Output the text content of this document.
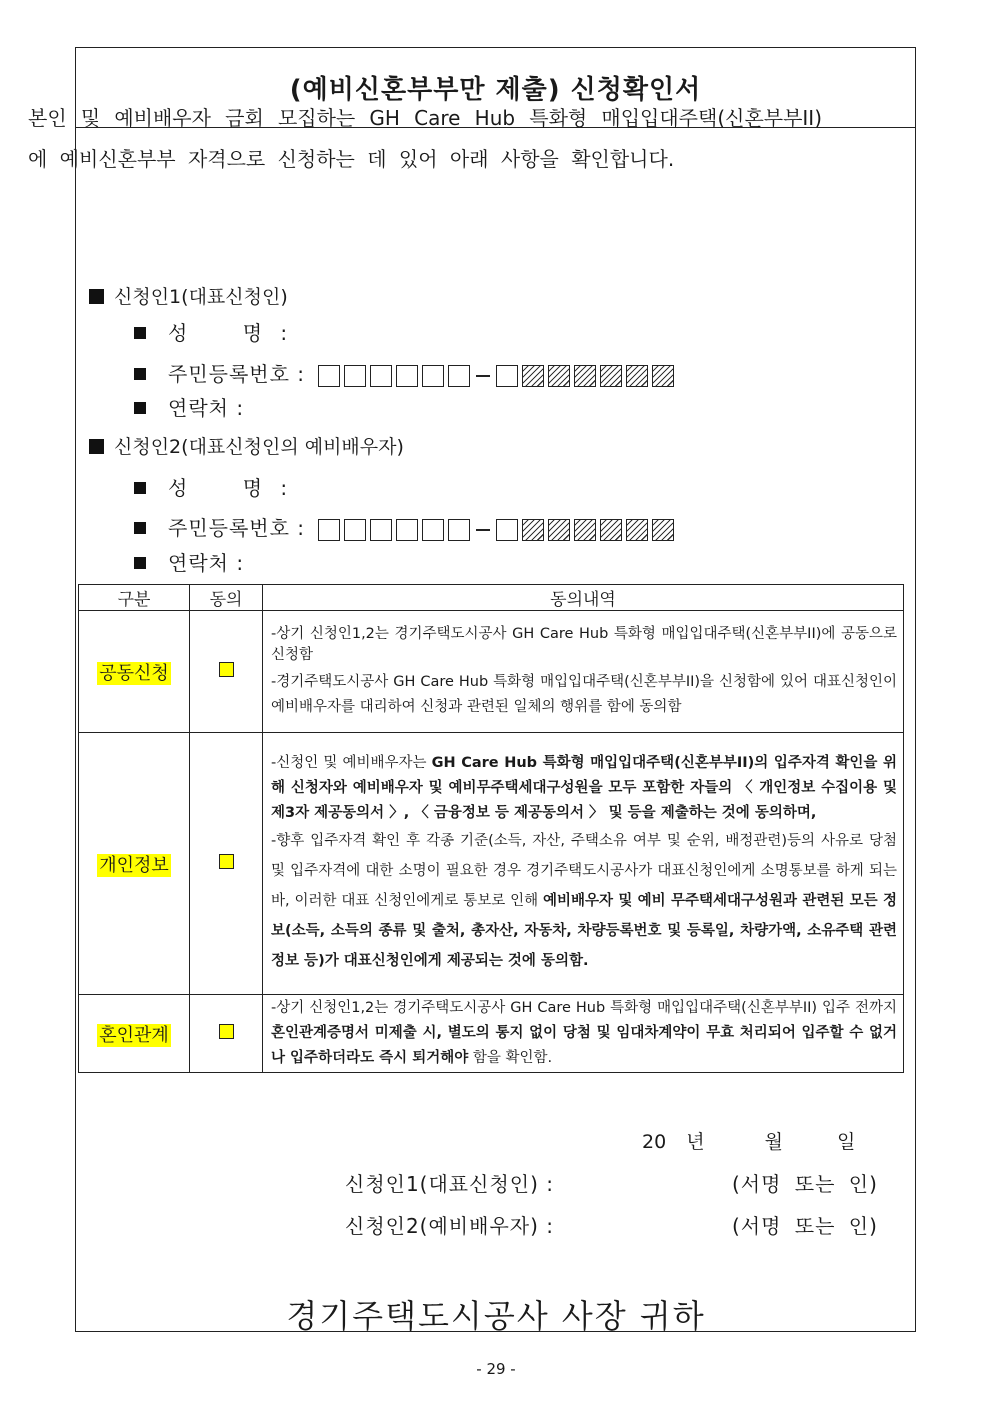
(예비신혼부부만 제출) 신청확인서
본인 및 예비배우자 금회 모집하는 GH Care Hub 특화형 매입입대주택(신혼부부II)에 예비신혼부부 자격으로 신청하는 데 있어 아래 사항을 확인합니다.
신청인1(대표신청인)
성    명 :
주민등록번호 :
연락처 :
신청인2(대표신청인의 예비배우자)
성    명 :
주민등록번호 :
연락처 :
구분	동의	동의내역
공동신청		-상기 신청인1,2는 경기주택도시공사 GH Care Hub 특화형 매입입대주택(신혼부부II)에 공동으로 신청함

-경기주택도시공사 GH Care Hub 특화형 매입입대주택(신혼부부II)을 신청함에 있어 대표신청인이 예비배우자를 대리하여 신청과 관련된 일체의 행위를 함에 동의함

개인정보		-신청인 및 예비배우자는 GH Care Hub 특화형 매입입대주택(신혼부부II)의 입주자격 확인을 위해 신청자와 예비배우자 및 예비무주택세대구성원을 모두 포함한 자들의 〈 개인정보 수집이용 및 제3자 제공동의서 〉, 〈 금융정보 등 제공동의서 〉 및 등을 제출하는 것에 동의하며,

-향후 입주자격 확인 후 각종 기준(소득, 자산, 주택소유 여부 및 순위, 배정관련)등의 사유로 당첨 및 입주자격에 대한 소명이 필요한 경우 경기주택도시공사가 대표신청인에게 소명통보를 하게 되는바, 이러한 대표 신청인에게로 통보로 인해 예비배우자 및 예비 무주택세대구성원과 관련된 모든 정보(소득, 소득의 종류 및 출처, 총자산, 자동차, 차량등록번호 및 등록일, 차량가액, 소유주택 관련 정보 등)가 대표신청인에게 제공되는 것에 동의함.

혼인관계		-상기 신청인1,2는 경기주택도시공사 GH Care Hub 특화형 매입입대주택(신혼부부II) 입주 전까지 혼인관계증명서 미제출 시, 별도의 통지 없이 당첨 및 임대차계약이 무효 처리되어 입주할 수 없거나 입주하더라도 즉시 퇴거해야 함을 확인함.

20 년	월	일
신청인1(대표신청인) :	(서명 또는 인)
신청인2(예비배우자) :	(서명 또는 인)
경기주택도시공사 사장 귀하
- 29 -
